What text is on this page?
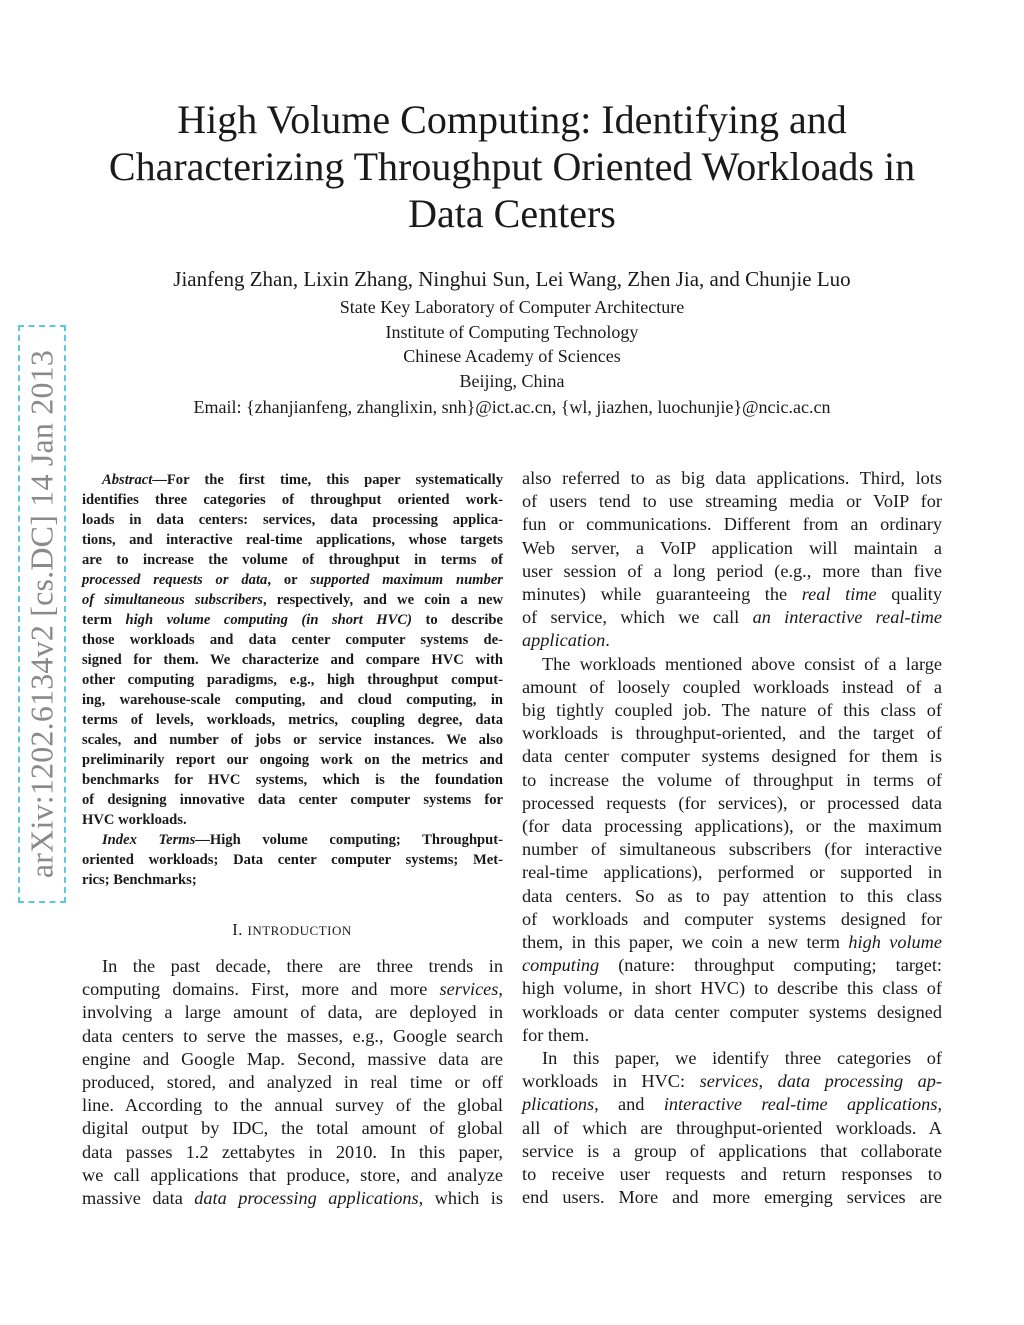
High Volume Computing: Identifying and
Characterizing Throughput Oriented Workloads in
Data Centers
Jianfeng Zhan, Lixin Zhang, Ninghui Sun, Lei Wang, Zhen Jia, and Chunjie Luo
State Key Laboratory of Computer Architecture
Institute of Computing Technology
Chinese Academy of Sciences
Beijing, China
Email: {zhanjianfeng, zhanglixin, snh}@ict.ac.cn, {wl, jiazhen, luochunjie}@ncic.ac.cn
arXiv:1202.6134v2 [cs.DC] 14 Jan 2013	Abstract—For the first time, this paper systematically
identifies three categories of throughput oriented work-
loads in data centers: services, data processing applica-
tions, and interactive real-time applications, whose targets
are to increase the volume of throughput in terms of
processed requests or data, or supported maximum number
of simultaneous subscribers, respectively, and we coin a new
term high volume computing (in short HVC) to describe
those workloads and data center computer systems de-
signed for them. We characterize and compare HVC with
other computing paradigms, e.g., high throughput comput-
ing, warehouse-scale computing, and cloud computing, in
terms of levels, workloads, metrics, coupling degree, data
scales, and number of jobs or service instances. We also
preliminarily report our ongoing work on the metrics and
benchmarks for HVC systems, which is the foundation
of designing innovative data center computer systems for
HVC workloads.
Index Terms—High volume computing; Throughput-
oriented workloads; Data center computer systems; Met-
rics; Benchmarks;
I. INTRODUCTION
In the past decade, there are three trends in
computing domains. First, more and more services,
involving a large amount of data, are deployed in
data centers to serve the masses, e.g., Google search
engine and Google Map. Second, massive data are
produced, stored, and analyzed in real time or off
line. According to the annual survey of the global
digital output by IDC, the total amount of global
data passes 1.2 zettabytes in 2010. In this paper,
we call applications that produce, store, and analyze
massive data data processing applications, which is
also referred to as big data applications. Third, lots
of users tend to use streaming media or VoIP for
fun or communications. Different from an ordinary
Web server, a VoIP application will maintain a
user session of a long period (e.g., more than five
minutes) while guaranteeing the real time quality
of service, which we call an interactive real-time
application.
The workloads mentioned above consist of a large
amount of loosely coupled workloads instead of a
big tightly coupled job. The nature of this class of
workloads is throughput-oriented, and the target of
data center computer systems designed for them is
to increase the volume of throughput in terms of
processed requests (for services), or processed data
(for data processing applications), or the maximum
number of simultaneous subscribers (for interactive
real-time applications), performed or supported in
data centers. So as to pay attention to this class
of workloads and computer systems designed for
them, in this paper, we coin a new term high volume
computing (nature: throughput computing; target:
high volume, in short HVC) to describe this class of
workloads or data center computer systems designed
for them.
In this paper, we identify three categories of
workloads in HVC: services, data processing ap-
plications, and interactive real-time applications,
all of which are throughput-oriented workloads. A
service is a group of applications that collaborate
to receive user requests and return responses to
end users. More and more emerging services are
